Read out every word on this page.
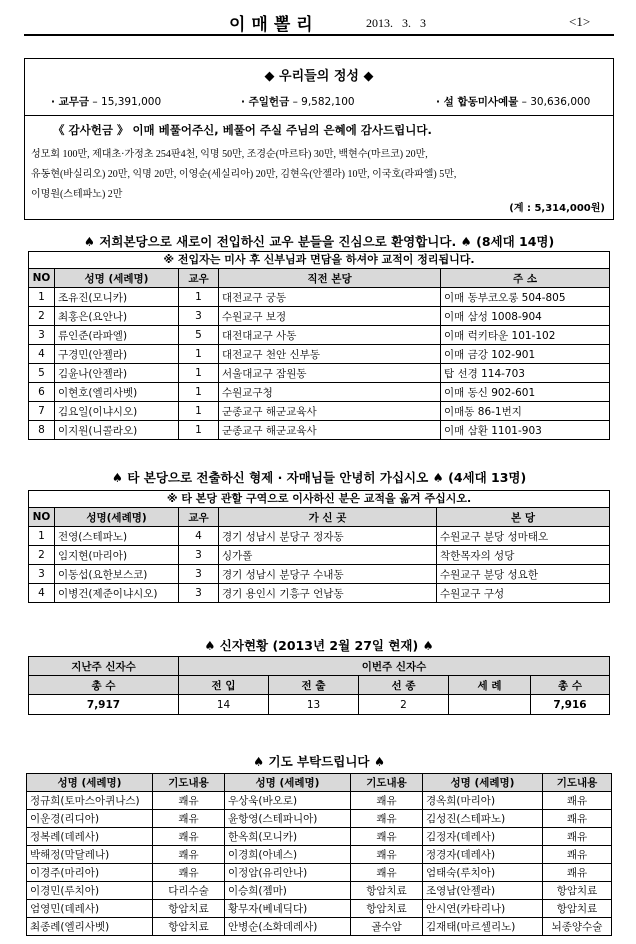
이매뽈리	2013. 3. 3	<1>
◆ 우리들의 정성 ◆
· 교무금 – 15,391,000	· 주일헌금 – 9,582,100	· 설 합동미사예물 – 30,636,000
《 감사헌금 》 이매 베풀어주신, 베풀어 주실 주님의 은혜에 감사드립니다.
성모회 100만, 제대초·가정초 254판4천, 익명 50만, 조경순(마르타) 30만, 백현수(마르코) 20만,
유동현(바실리오) 20만, 익명 20만, 이영순(세실리아) 20만, 김현옥(안젤라) 10만, 이국호(라파엘) 5만,
이명원(스테파노) 2만
(계 : 5,314,000원)
♠ 저희본당으로 새로이 전입하신 교우 분들을 진심으로 환영합니다. ♠ (8세대 14명)
※ 전입자는 미사 후 신부님과 면담을 하셔야 교적이 정리됩니다.
NO	성명 (세례명)	교우	직전 본당	주 소
1	조유진(모니카)	1	대전교구 궁동	이매 동부코오롱 504-805
2	최홍은(요안나)	3	수원교구 보정	이매 삼성 1008-904
3	류인준(라파엘)	5	대전대교구 사동	이매 럭키타운 101-102
4	구경민(안젤라)	1	대전교구 천안 신부동	이매 금강 102-901
5	김윤나(안젤라)	1	서울대교구 잠원동	탑 선경 114-703
6	이현호(엘리사벳)	1	수원교구청	이매 동신 902-601
7	김요일(이냐시오)	1	군종교구 해군교육사	이매동 86-1번지
8	이지원(니콜라오)	1	군종교구 해군교육사	이매 삼환 1101-903
♠ 타 본당으로 전출하신 형제 · 자매님들 안녕히 가십시오 ♠ (4세대 13명)
※ 타 본당 관할 구역으로 이사하신 분은 교적을 옮겨 주십시오.
NO	성명(세례명)	교우	가 신 곳	본 당
1	전영(스테파노)	4	경기 성남시 분당구 정자동	수원교구 분당 성마태오
2	임지현(마리아)	3	싱가폴	착한목자의 성당
3	이동섭(요한보스코)	3	경기 성남시 분당구 수내동	수원교구 분당 성요한
4	이병건(제준이냐시오)	3	경기 용인시 기흥구 언남동	수원교구 구성
♠ 신자현황 (2013년 2월 27일 현재) ♠
지난주 신자수	이번주 신자수				
총 수	전 입	전 출	선 종	세 례	총 수
7,917	14	13	2		7,916
♠ 기도 부탁드립니다 ♠
성명 (세례명)	기도내용	성명 (세례명)	기도내용	성명 (세례명)	기도내용
정규희(토마스아퀴나스)	쾌유	우상욱(바오로)	쾌유	경옥희(마리아)	쾌유
이운경(리디아)	쾌유	윤항영(스테파니아)	쾌유	김성진(스테파노)	쾌유
정복례(데레사)	쾌유	한옥희(모니카)	쾌유	김정자(데레사)	쾌유
박해정(막달레나)	쾌유	이경희(아녜스)	쾌유	정경자(데레사)	쾌유
이경주(마리아)	쾌유	이정암(유리안나)	쾌유	엄태숙(루치아)	쾌유
이경민(루치아)	다리수술	이승희(젬마)	항암치료	조영남(안젤라)	항암치료
엄영민(데레사)	항암치료	황무자(베네딕다)	항암치료	안시연(카타리나)	항암치료
최종례(엘리사벳)	항암치료	안병순(소화데레사)	골수암	김재태(마르셀리노)	뇌종양수술
